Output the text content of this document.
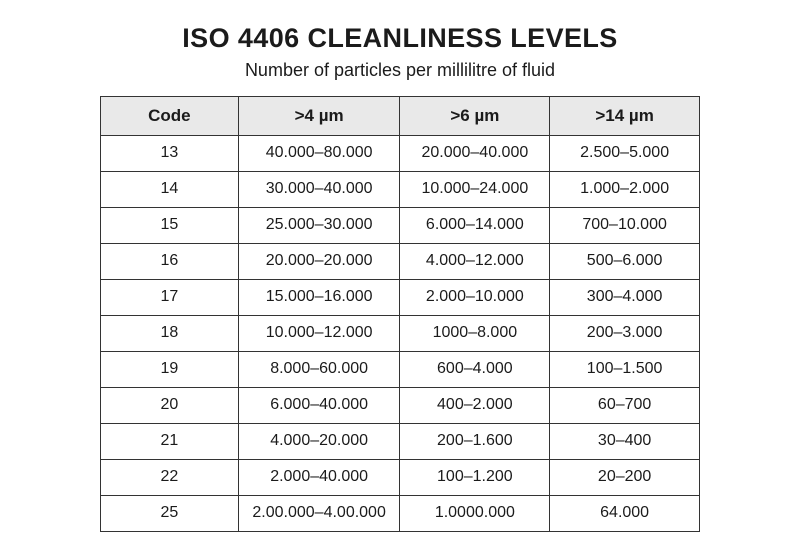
ISO 4406 CLEANLINESS LEVELS
Number of particles per millilitre of fluid
Code	>4 µm	>6 µm	>14 µm
13	40.000–80.000	20.000–40.000	2.500–5.000
14	30.000–40.000	10.000–24.000	1.000–2.000
15	25.000–30.000	6.000–14.000	700–10.000
16	20.000–20.000	4.000–12.000	500–6.000
17	15.000–16.000	2.000–10.000	300–4.000
18	10.000–12.000	1000–8.000	200–3.000
19	8.000–60.000	600–4.000	100–1.500
20	6.000–40.000	400–2.000	60–700
21	4.000–20.000	200–1.600	30–400
22	2.000–40.000	100–1.200	20–200
25	2.00.000–4.00.000	1.0000.000	64.000
